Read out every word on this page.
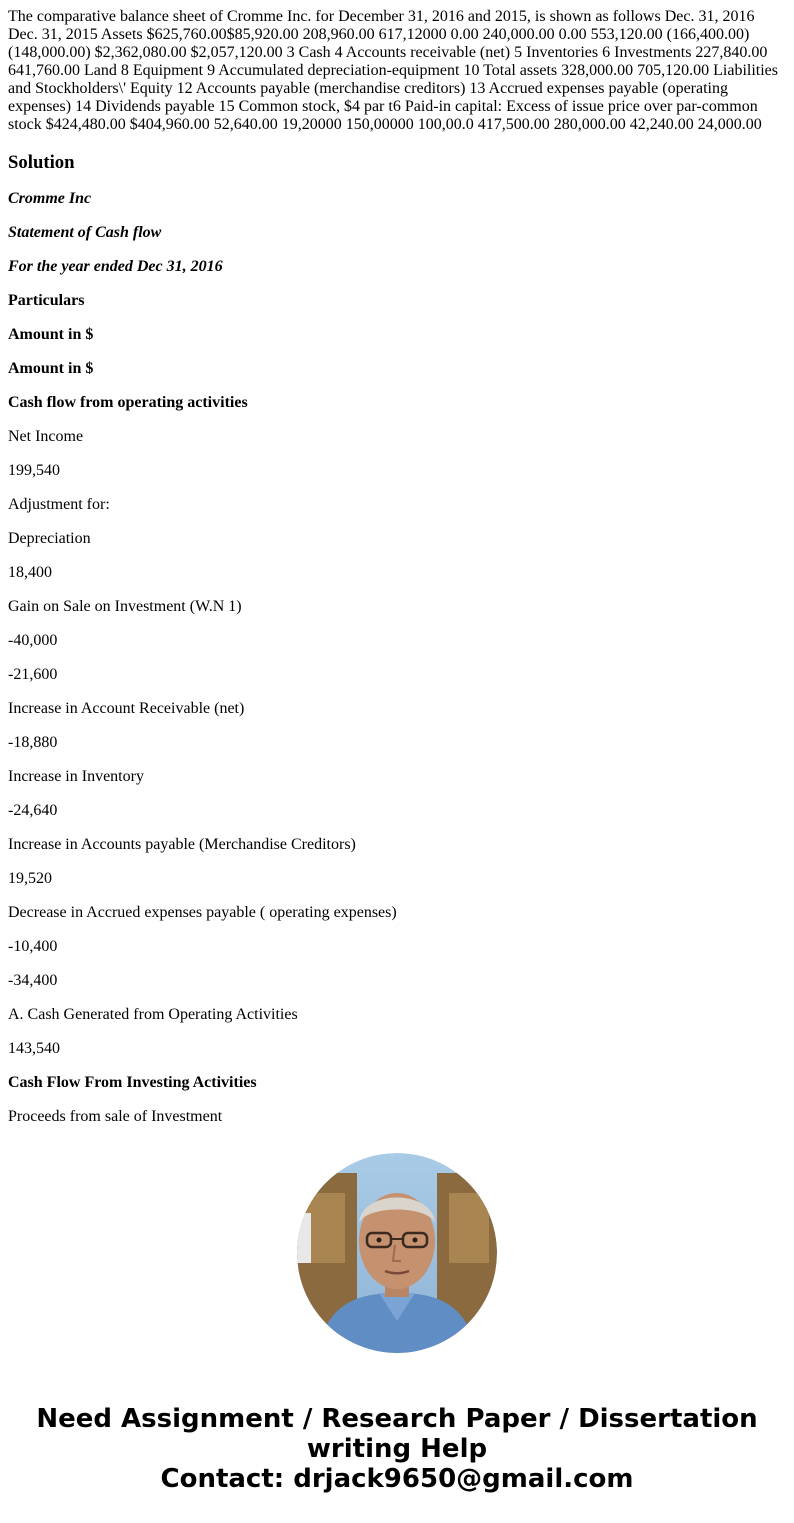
The comparative balance sheet of Cromme Inc. for December 31, 2016 and 2015, is shown as follows Dec. 31, 2016 Dec. 31, 2015 Assets $625,760.00$85,920.00 208,960.00 617,12000 0.00 240,000.00 0.00 553,120.00 (166,400.00) (148,000.00) $2,362,080.00 $2,057,120.00 3 Cash 4 Accounts receivable (net) 5 Inventories 6 Investments 227,840.00 641,760.00 Land 8 Equipment 9 Accumulated depreciation-equipment 10 Total assets 328,000.00 705,120.00 Liabilities and Stockholders\' Equity 12 Accounts payable (merchandise creditors) 13 Accrued expenses payable (operating expenses) 14 Dividends payable 15 Common stock, $4 par t6 Paid-in capital: Excess of issue price over par-common stock $424,480.00 $404,960.00 52,640.00 19,20000 150,00000 100,00.0 417,500.00 280,000.00 42,240.00 24,000.00

Solution

Cromme Inc

Statement of Cash flow

For the year ended Dec 31, 2016

Particulars

Amount in $

Amount in $

Cash flow from operating activities

Net Income

199,540

Adjustment for:

Depreciation

18,400

Gain on Sale on Investment (W.N 1)

-40,000

-21,600

Increase in Account Receivable (net)

-18,880

Increase in Inventory

-24,640

Increase in Accounts payable (Merchandise Creditors)

19,520

Decrease in Accrued expenses payable ( operating expenses)

-10,400

-34,400

A. Cash Generated from Operating Activities

143,540

Cash Flow From Investing Activities

Proceeds from sale of Investment

Need Assignment / Research Paper / Dissertation
writing Help
Contact: drjack9650@gmail.com
